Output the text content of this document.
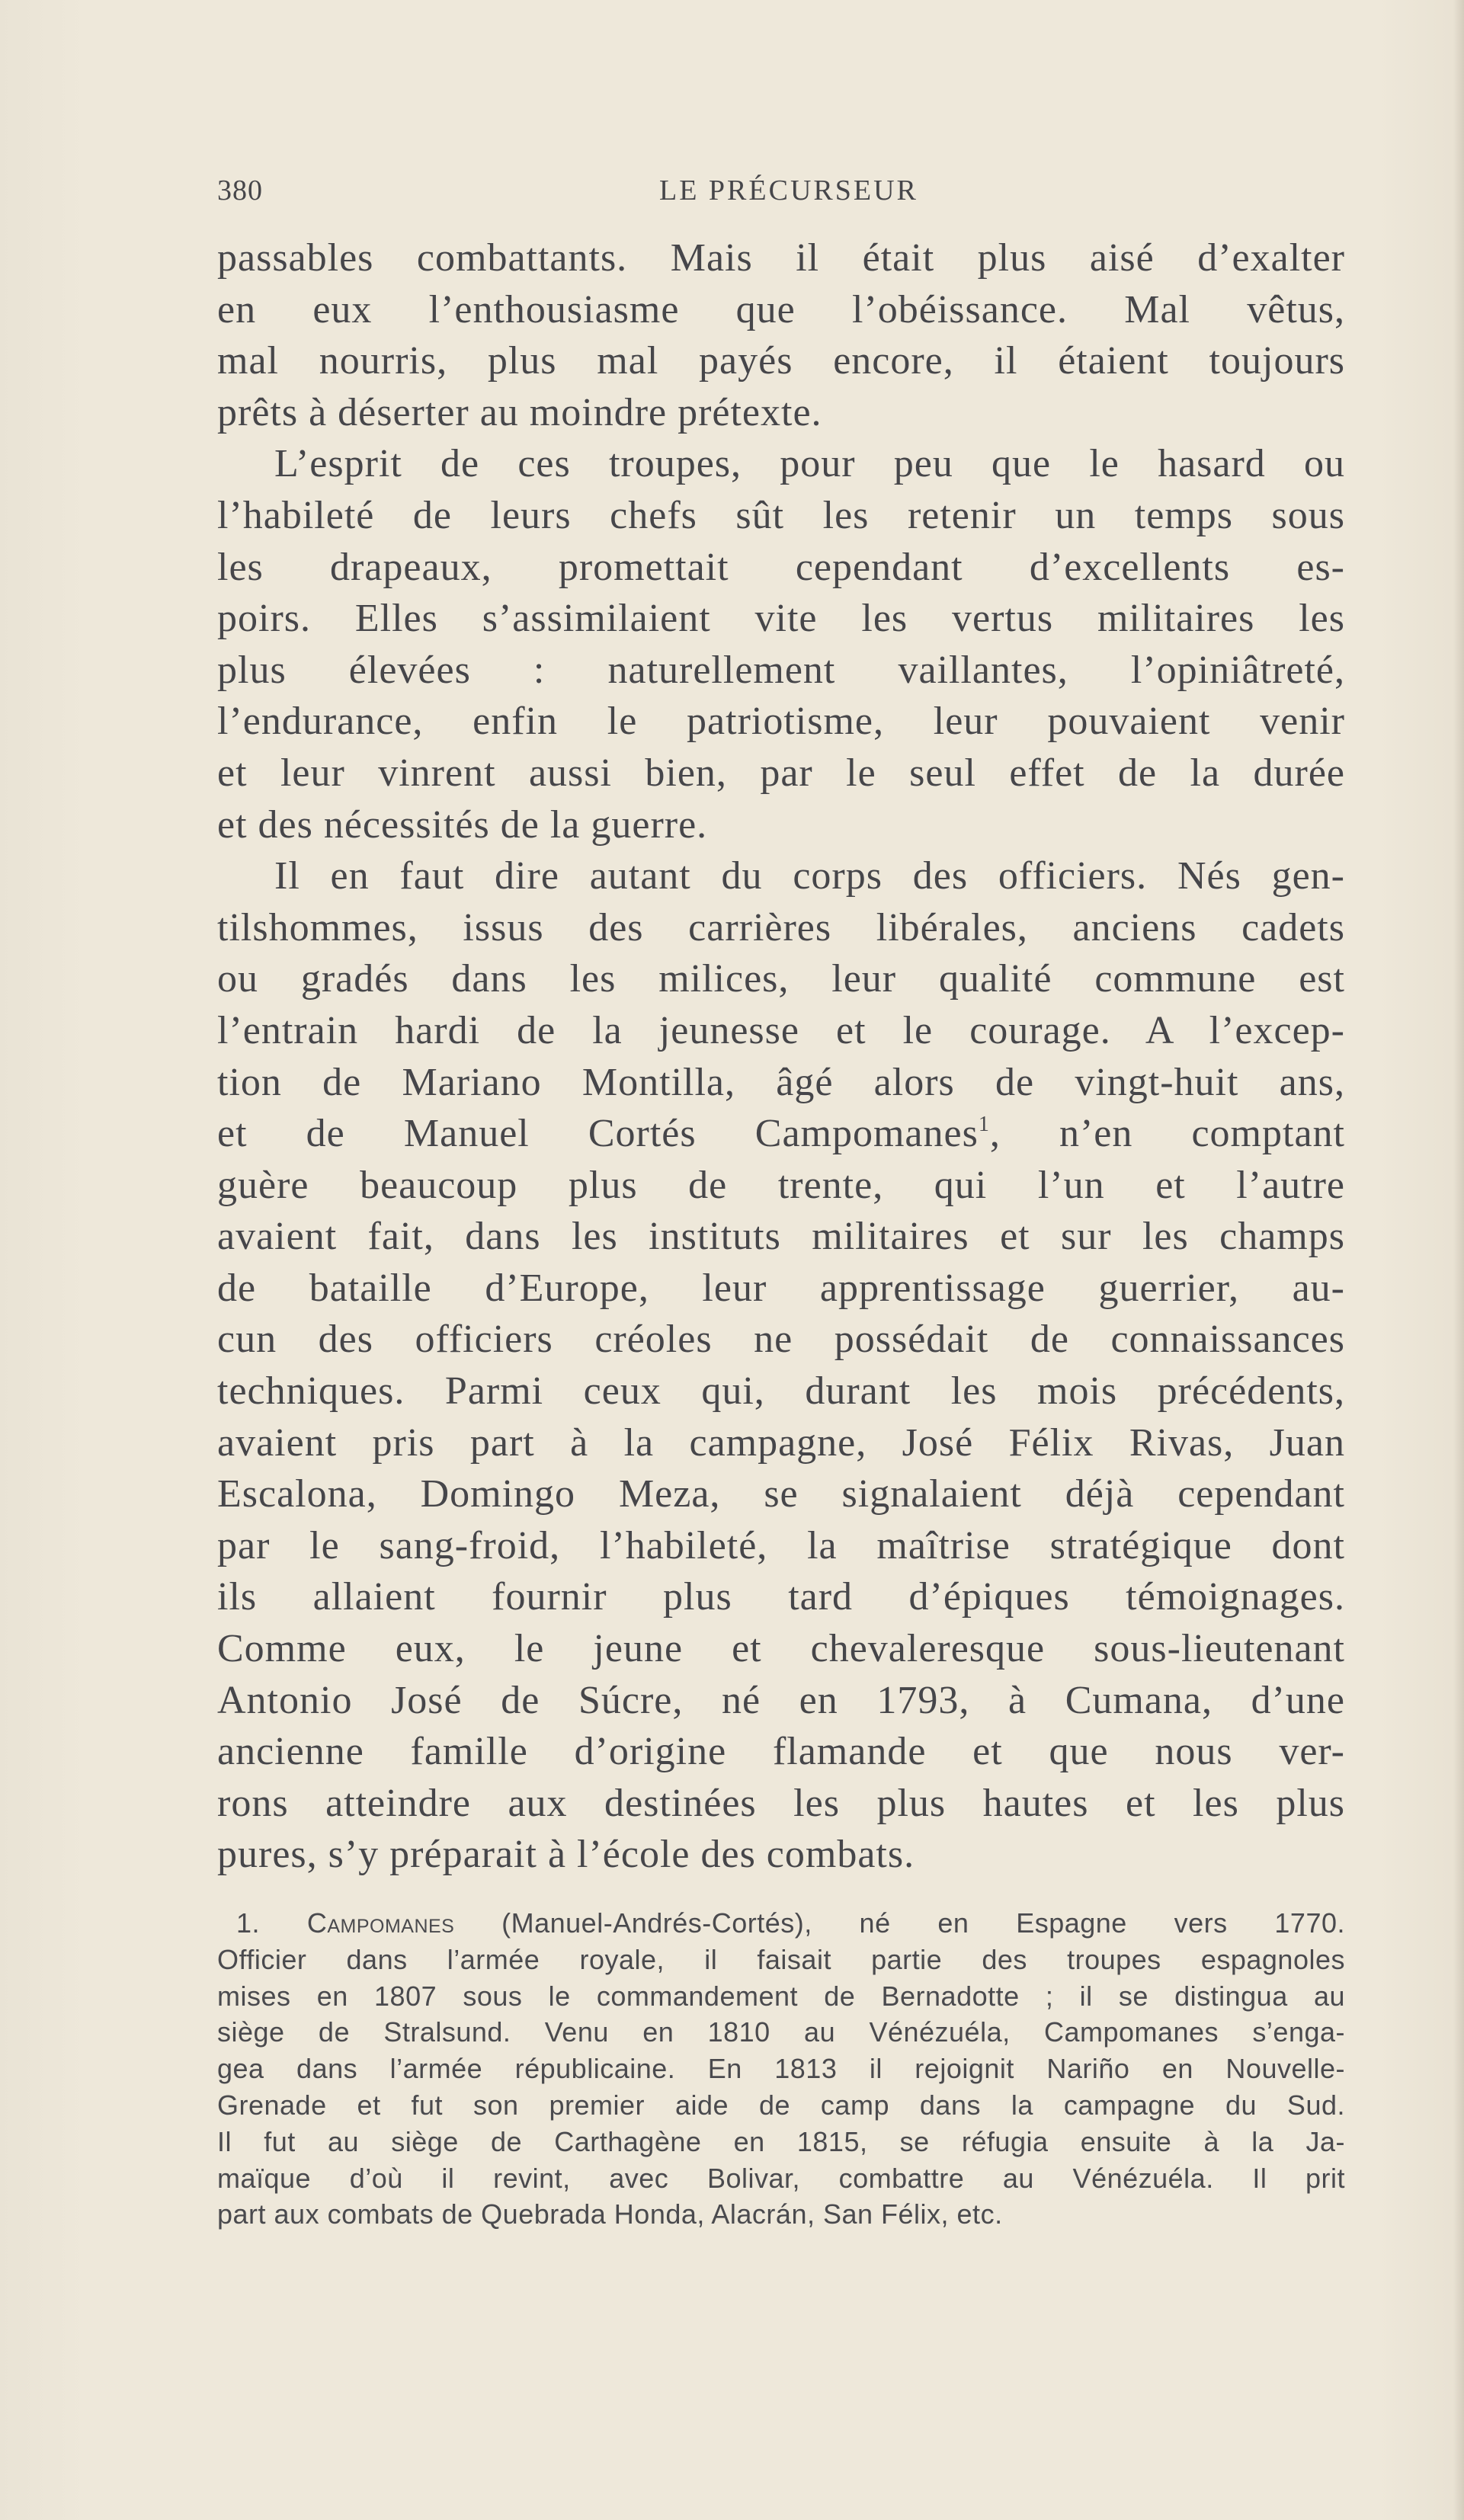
380	LE PRÉCURSEUR
passables combattants. Mais il était plus aisé d’exalter
en eux l’enthousiasme que l’obéissance. Mal vêtus,
mal nourris, plus mal payés encore, il étaient toujours
prêts à déserter au moindre prétexte.
L’esprit de ces troupes, pour peu que le hasard ou
l’habileté de leurs chefs sût les retenir un temps sous
les drapeaux, promettait cependant d’excellents es-
poirs. Elles s’assimilaient vite les vertus militaires les
plus élevées : naturellement vaillantes, l’opiniâtreté,
l’endurance, enfin le patriotisme, leur pouvaient venir
et leur vinrent aussi bien, par le seul effet de la durée
et des nécessités de la guerre.
Il en faut dire autant du corps des officiers. Nés gen-
tilshommes, issus des carrières libérales, anciens cadets
ou gradés dans les milices, leur qualité commune est
l’entrain hardi de la jeunesse et le courage. A l’excep-
tion de Mariano Montilla, âgé alors de vingt-huit ans,
et de Manuel Cortés Campomanes$^1$, n’en comptant
guère beaucoup plus de trente, qui l’un et l’autre
avaient fait, dans les instituts militaires et sur les champs
de bataille d’Europe, leur apprentissage guerrier, au-
cun des officiers créoles ne possédait de connaissances
techniques. Parmi ceux qui, durant les mois précédents,
avaient pris part à la campagne, José Félix Rivas, Juan
Escalona, Domingo Meza, se signalaient déjà cependant
par le sang-froid, l’habileté, la maîtrise stratégique dont
ils allaient fournir plus tard d’épiques témoignages.
Comme eux, le jeune et chevaleresque sous-lieutenant
Antonio José de Súcre, né en 1793, à Cumana, d’une
ancienne famille d’origine flamande et que nous ver-
rons atteindre aux destinées les plus hautes et les plus
pures, s’y préparait à l’école des combats.
1. Campomanes (Manuel-Andrés-Cortés), né en Espagne vers 1770.
Officier dans l’armée royale, il faisait partie des troupes espagnoles
mises en 1807 sous le commandement de Bernadotte ; il se distingua au
siège de Stralsund. Venu en 1810 au Vénézuéla, Campomanes s’enga-
gea dans l’armée républicaine. En 1813 il rejoignit Nariño en Nouvelle-
Grenade et fut son premier aide de camp dans la campagne du Sud.
Il fut au siège de Carthagène en 1815, se réfugia ensuite à la Ja-
maïque d’où il revint, avec Bolivar, combattre au Vénézuéla. Il prit
part aux combats de Quebrada Honda, Alacrán, San Félix, etc.
